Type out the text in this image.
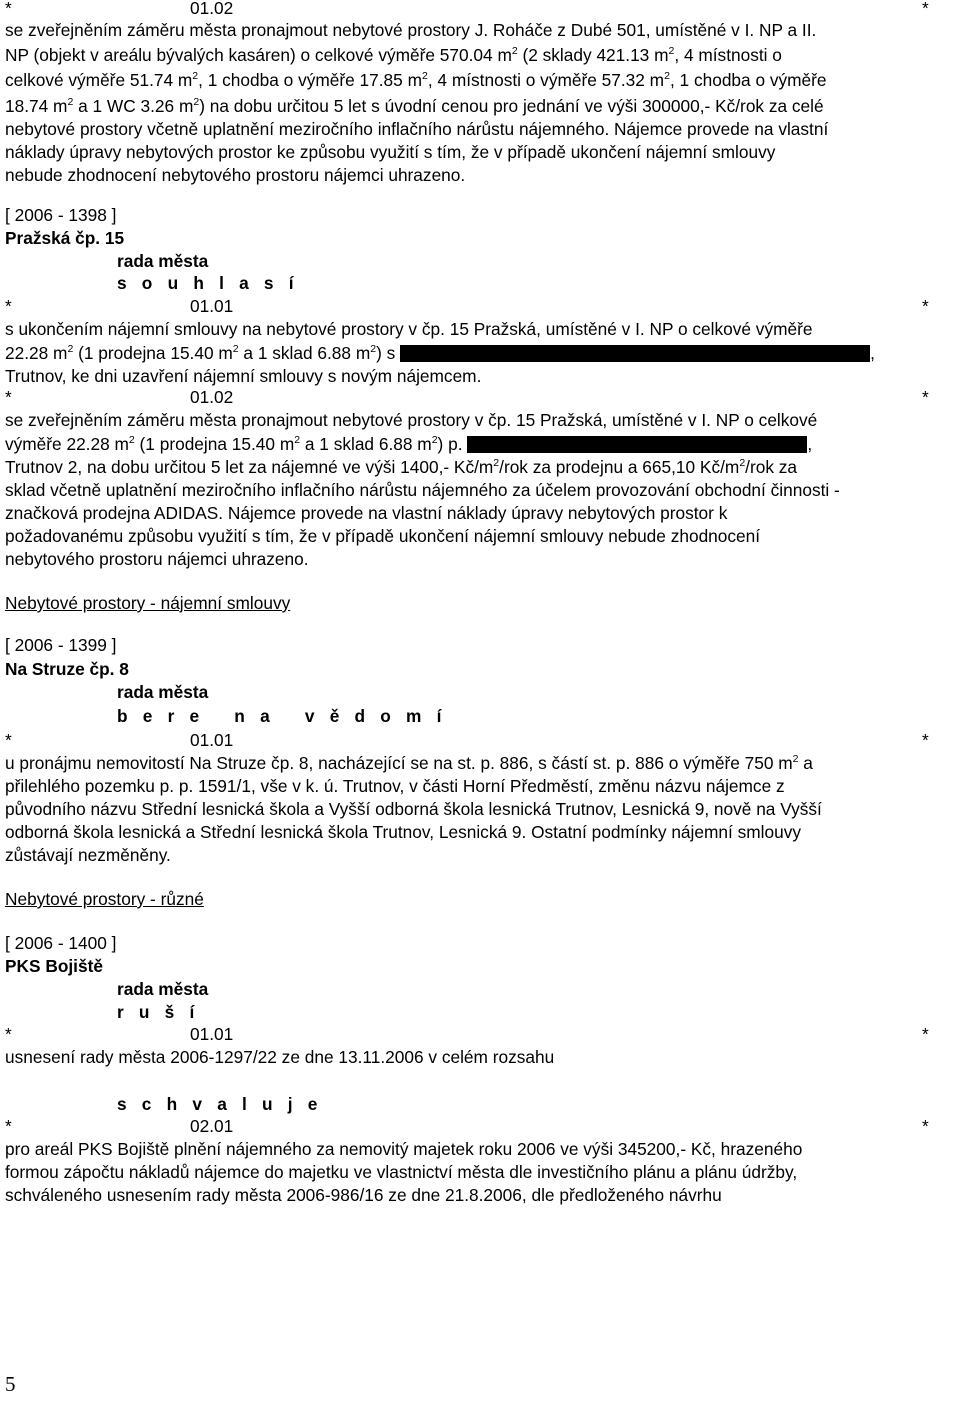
*	01.02	*
se zveřejněním záměru města pronajmout nebytové prostory J. Roháče z Dubé 501, umístěné v I. NP a II.
NP (objekt v areálu bývalých kasáren) o celkové výměře 570.04 $m^2$ (2 sklady 421.13 $m^2$, 4 místnosti o
celkové výměře 51.74 $m^2$, 1 chodba o výměře 17.85 $m^2$, 4 místnosti o výměře 57.32 $m^2$, 1 chodba o výměře
18.74 $m^2$ a 1 WC 3.26 $m^2$) na dobu určitou 5 let s úvodní cenou pro jednání ve výši 300000,- Kč/rok za celé
nebytové prostory včetně uplatnění meziročního inflačního nárůstu nájemného. Nájemce provede na vlastní
náklady úpravy nebytových prostor ke způsobu využití s tím, že v případě ukončení nájemní smlouvy
nebude zhodnocení nebytového prostoru nájemci uhrazeno.
[ 2006 - 1398 ]
Pražská čp. 15
rada města
s o u h l a s í
*	01.01	*
s ukončením nájemní smlouvy na nebytové prostory v čp. 15 Pražská, umístěné v I. NP o celkové výměře
22.28 $m^2$ (1 prodejna 15.40 $m^2$ a 1 sklad 6.88 $m^2$) s	,
Trutnov, ke dni uzavření nájemní smlouvy s novým nájemcem.
*	01.02	*
se zveřejněním záměru města pronajmout nebytové prostory v čp. 15 Pražská, umístěné v I. NP o celkové
výměře 22.28 $m^2$ (1 prodejna 15.40 $m^2$ a 1 sklad 6.88 $m^2$) p.	,
Trutnov 2, na dobu určitou 5 let za nájemné ve výši 1400,- $Kč/m^2$/rok za prodejnu a 665,10 $Kč/m^2$/rok za
sklad včetně uplatnění meziročního inflačního nárůstu nájemného za účelem provozování obchodní činnosti -
značková prodejna ADIDAS. Nájemce provede na vlastní náklady úpravy nebytových prostor k
požadovanému způsobu využití s tím, že v případě ukončení nájemní smlouvy nebude zhodnocení
nebytového prostoru nájemci uhrazeno.
Nebytové prostory - nájemní smlouvy
[ 2006 - 1399 ]
Na Struze čp. 8
rada města
b e r e   n a   v ě d o m í
*	01.01	*
u pronájmu nemovitostí Na Struze čp. 8, nacházející se na st. p. 886, s částí st. p. 886 o výměře 750 $m^2$ a
přilehlého pozemku p. p. 1591/1, vše v k. ú. Trutnov, v části Horní Předměstí, změnu názvu nájemce z
původního názvu Střední lesnická škola a Vyšší odborná škola lesnická Trutnov, Lesnická 9, nově na Vyšší
odborná škola lesnická a Střední lesnická škola Trutnov, Lesnická 9. Ostatní podmínky nájemní smlouvy
zůstávají nezměněny.
Nebytové prostory - různé
[ 2006 - 1400 ]
PKS Bojiště
rada města
r u š í
*	01.01	*
usnesení rady města 2006-1297/22 ze dne 13.11.2006 v celém rozsahu
s c h v a l u j e
*	02.01	*
pro areál PKS Bojiště plnění nájemného za nemovitý majetek roku 2006 ve výši 345200,- Kč, hrazeného
formou zápočtu nákladů nájemce do majetku ve vlastnictví města dle investičního plánu a plánu údržby,
schváleného usnesením rady města 2006-986/16 ze dne 21.8.2006, dle předloženého návrhu
5
